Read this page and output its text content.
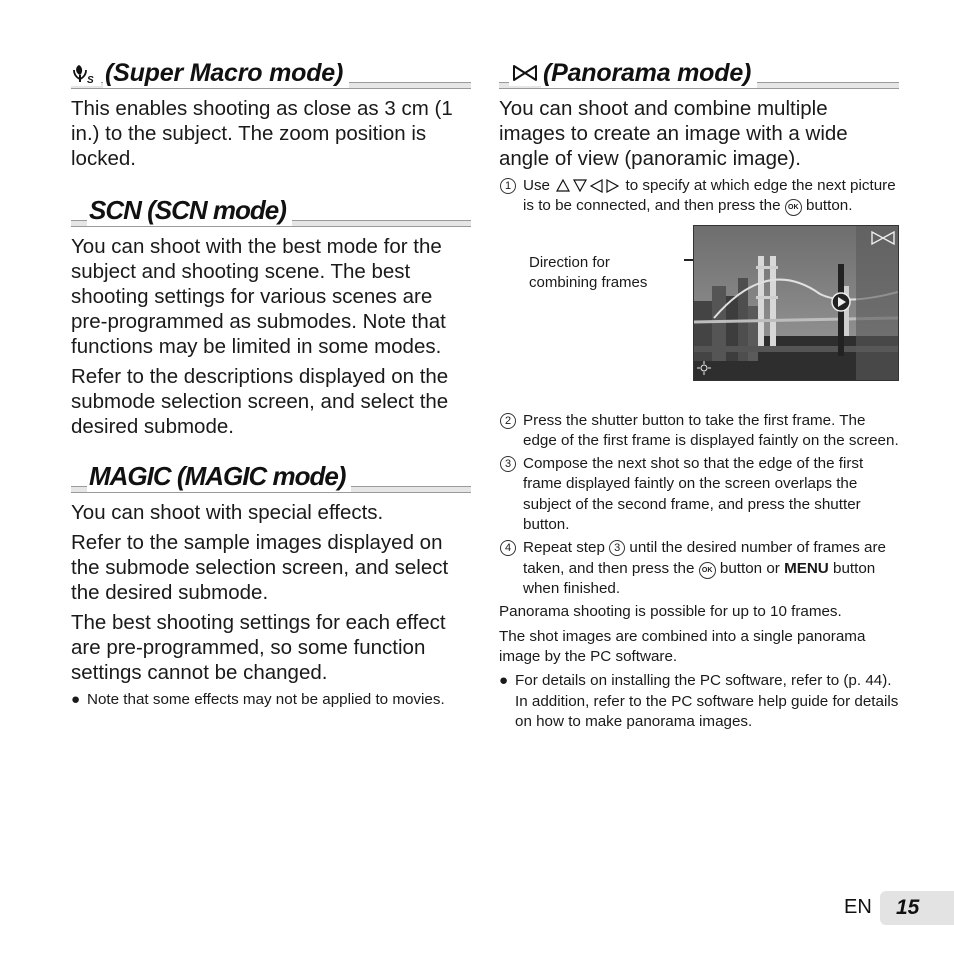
S (Super Macro mode)

This enables shooting as close as 3 cm (1 in.) to the subject. The zoom position is locked.

SCN (SCN mode)

You can shoot with the best mode for the subject and shooting scene. The best shooting settings for various scenes are pre-programmed as submodes. Note that functions may be limited in some modes.

Refer to the descriptions displayed on the submode selection screen, and select the desired submode.

MAGIC (MAGIC mode)

You can shoot with special effects.

Refer to the sample images displayed on the submode selection screen, and select the desired submode.

The best shooting settings for each effect are pre-programmed, so some function settings cannot be changed.

● Note that some effects may not be applied to movies.

(Panorama mode)

You can shoot and combine multiple images to create an image with a wide angle of view (panoramic image).

1 Use	to specify at which edge the next picture is to be connected, and then press the OK button.

Direction for combining frames

2 Press the shutter button to take the first frame. The edge of the first frame is displayed faintly on the screen.

3 Compose the next shot so that the edge of the first frame displayed faintly on the screen overlaps the subject of the second frame, and press the shutter button.

4 Repeat step 3 until the desired number of frames are taken, and then press the OK button or MENU button when finished.

Panorama shooting is possible for up to 10 frames.

The shot images are combined into a single panorama image by the PC software.

● For details on installing the PC software, refer to (p. 44). In addition, refer to the PC software help guide for details on how to make panorama images.

EN	15
